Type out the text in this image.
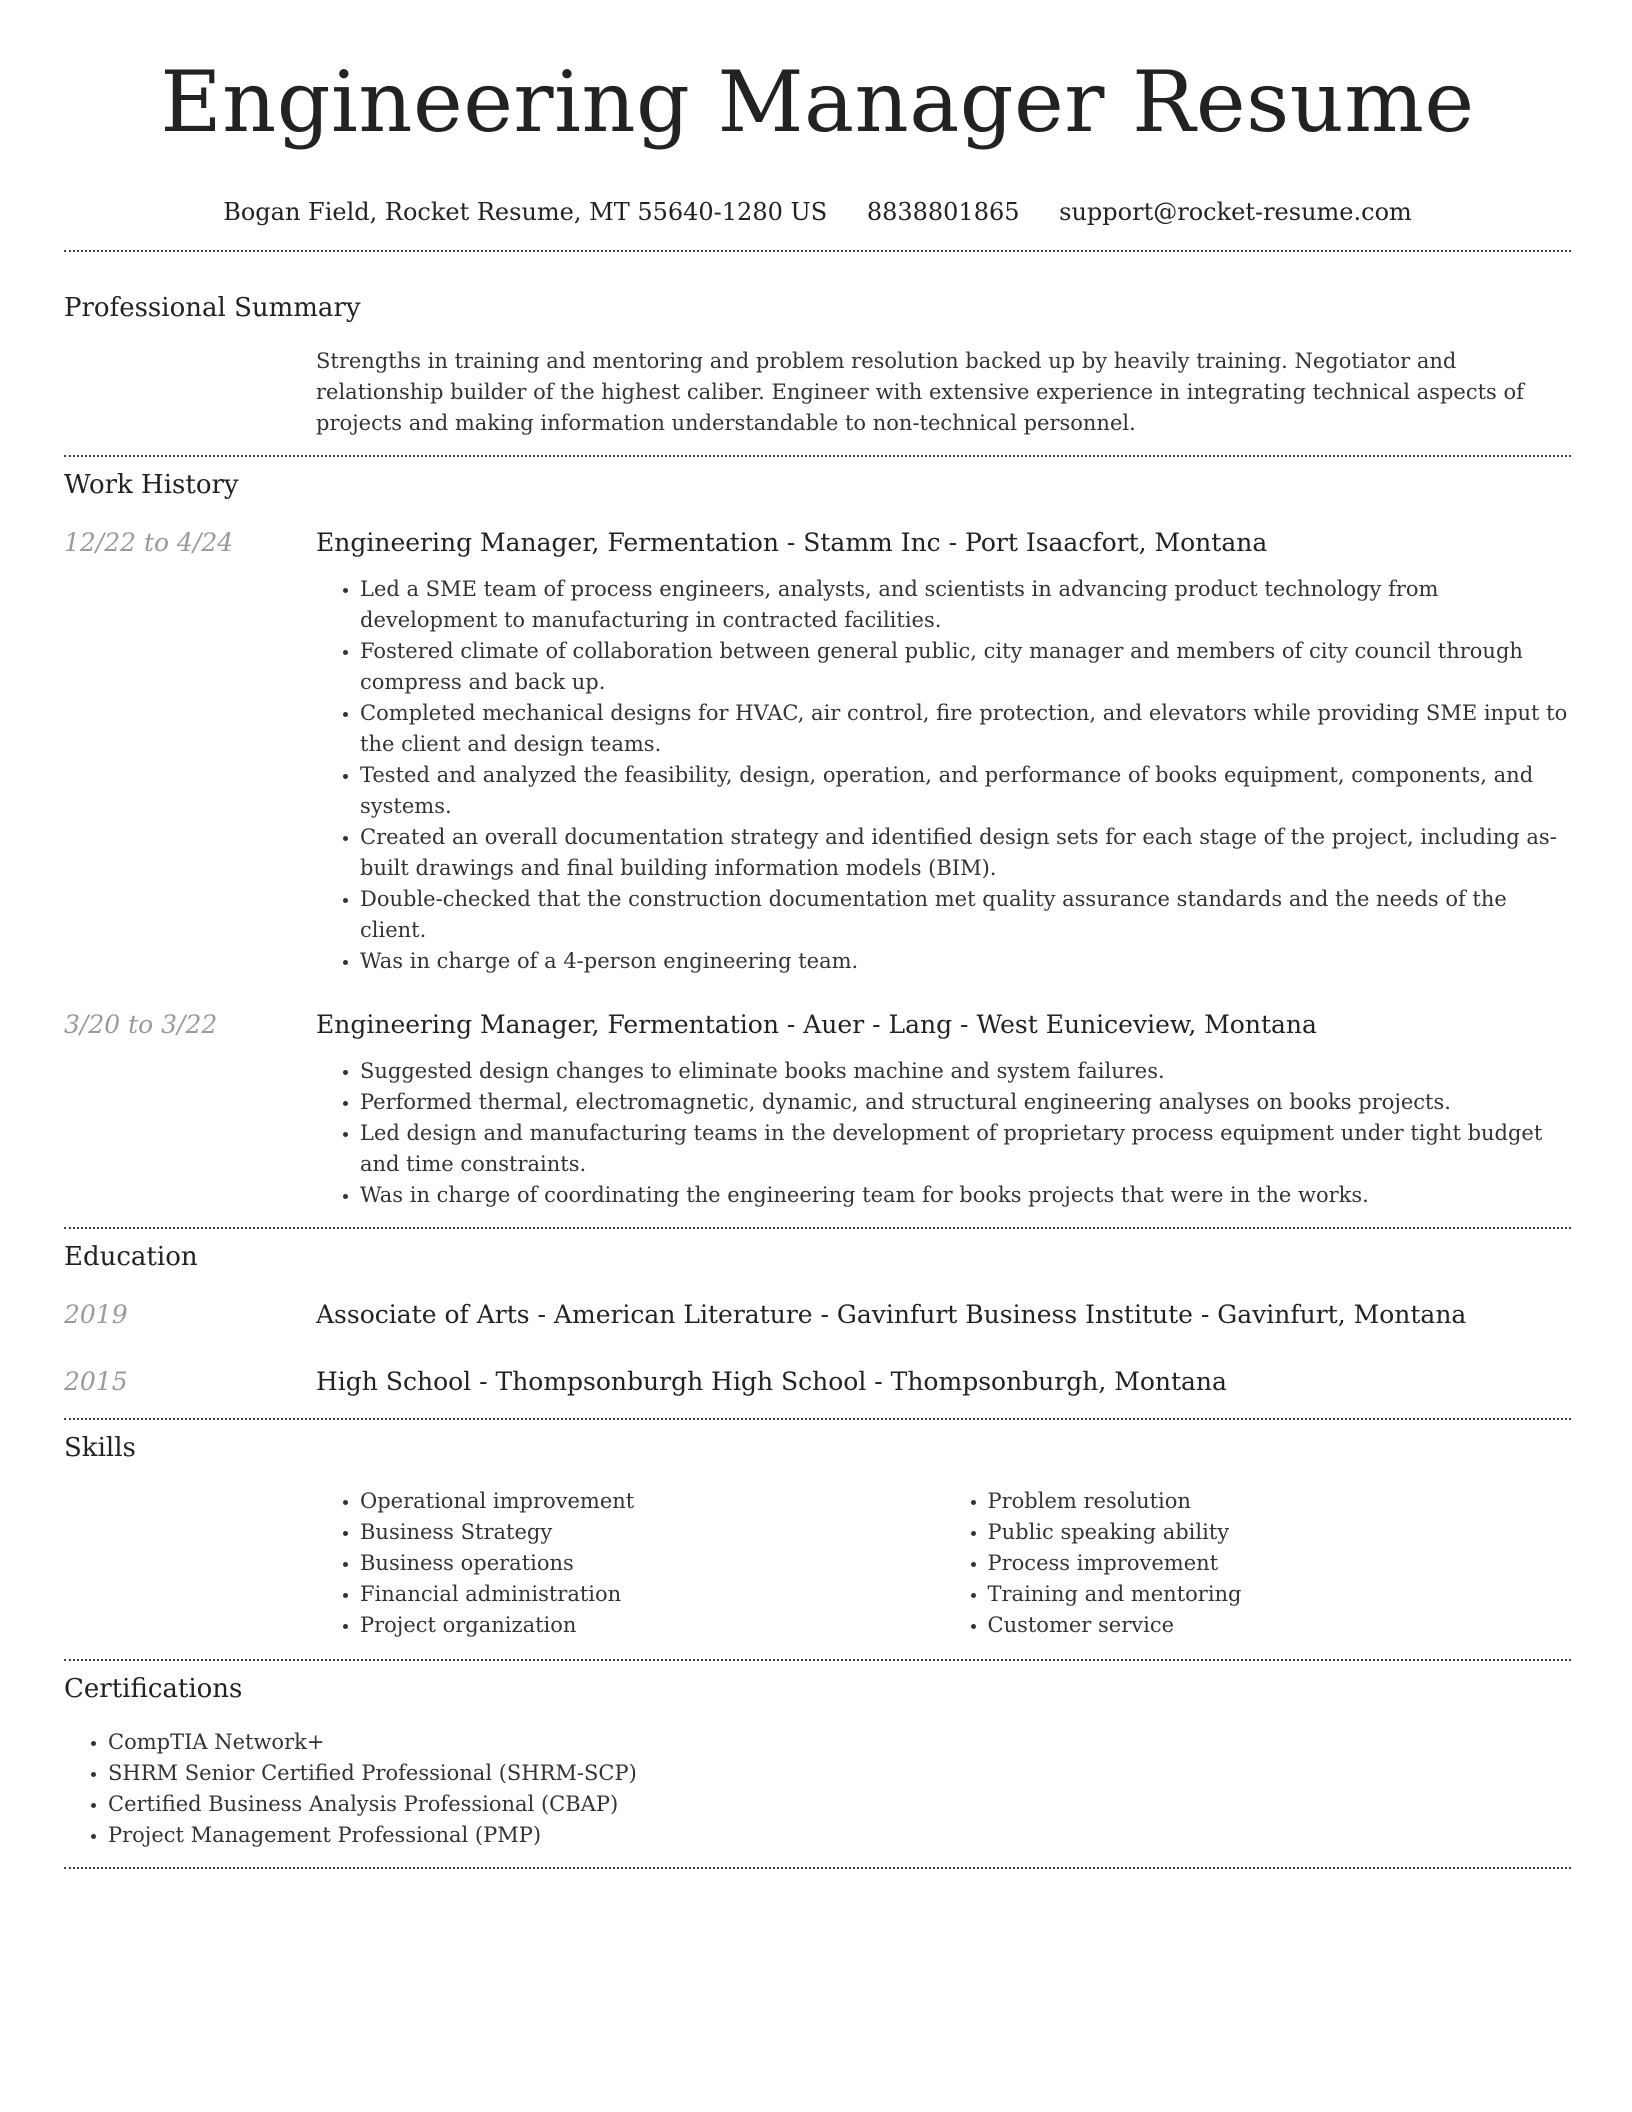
Engineering Manager Resume
Bogan Field, Rocket Resume, MT 55640-1280 US 8838801865 support@rocket-resume.com
Professional Summary
Strengths in training and mentoring and problem resolution backed up by heavily training. Negotiator and relationship builder of the highest caliber. Engineer with extensive experience in integrating technical aspects of projects and making information understandable to non-technical personnel.
Work History
12/22 to 4/24	Engineering Manager, Fermentation - Stamm Inc - Port Isaacfort, Montana
• Led a SME team of process engineers, analysts, and scientists in advancing product technology from development to manufacturing in contracted facilities.
• Fostered climate of collaboration between general public, city manager and members of city council through compress and back up.
• Completed mechanical designs for HVAC, air control, fire protection, and elevators while providing SME input to the client and design teams.
• Tested and analyzed the feasibility, design, operation, and performance of books equipment, components, and systems.
• Created an overall documentation strategy and identified design sets for each stage of the project, including as-built drawings and final building information models (BIM).
• Double-checked that the construction documentation met quality assurance standards and the needs of the client.
• Was in charge of a 4-person engineering team.
3/20 to 3/22	Engineering Manager, Fermentation - Auer - Lang - West Euniceview, Montana
• Suggested design changes to eliminate books machine and system failures.
• Performed thermal, electromagnetic, dynamic, and structural engineering analyses on books projects.
• Led design and manufacturing teams in the development of proprietary process equipment under tight budget and time constraints.
• Was in charge of coordinating the engineering team for books projects that were in the works.
Education
2019	Associate of Arts - American Literature - Gavinfurt Business Institute - Gavinfurt, Montana
2015	High School - Thompsonburgh High School - Thompsonburgh, Montana
Skills
• Operational improvement
• Business Strategy
• Business operations
• Financial administration
• Project organization
• Problem resolution
• Public speaking ability
• Process improvement
• Training and mentoring
• Customer service
Certifications
• CompTIA Network+
• SHRM Senior Certified Professional (SHRM-SCP)
• Certified Business Analysis Professional (CBAP)
• Project Management Professional (PMP)
